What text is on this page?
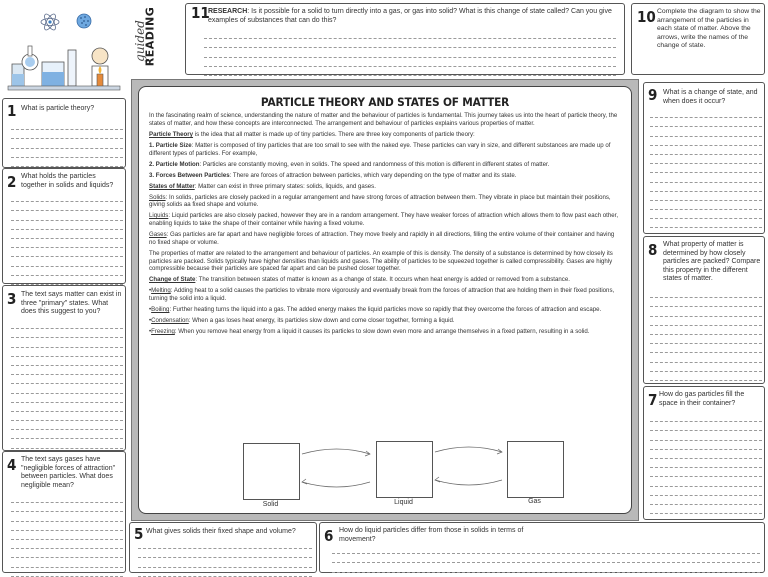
guided
READING 11
RESEARCH: Is it possible for a solid to turn directly into a gas, or gas into solid? What is this change of state called? Can you give examples of substances that can do this?	10 Complete the diagram to show the arrangement of the particles in each state of matter. Above the arrows, write the names of the change of state.
1 What is particle theory?
2 What holds the particles together in solids and liquids?
3 The text says matter can exist in three "primary" states. What does this suggest to you?
4 The text says gases have "negligible forces of attraction" between particles. What does negligible mean?
PARTICLE THEORY AND STATES OF MATTER

In the fascinating realm of science, understanding the nature of matter and the behaviour of particles is fundamental. This journey takes us into the heart of particle theory, the states of matter, and how these concepts are interconnected. The arrangement and behaviour of particles explains various properties of matter.

Particle Theory is the idea that all matter is made up of tiny particles. There are three key components of particle theory:

1. Particle Size: Matter is composed of tiny particles that are too small to see with the naked eye. These particles can vary in size, and different substances are made up of different types of particles. For example,

2. Particle Motion: Particles are constantly moving, even in solids. The speed and randomness of this motion is different in different states of matter.

3. Forces Between Particles: There are forces of attraction between particles, which vary depending on the type of matter and its state.

States of Matter: Matter can exist in three primary states: solids, liquids, and gases.

Solids: In solids, particles are closely packed in a regular arrangement and have strong forces of attraction between them. They vibrate in place but maintain their positions, giving solids aa fixed shape and volume.

Liquids: Liquid particles are also closely packed, however they are in a random arrangement. They have weaker forces of attraction which allows them to flow past each other, enabling liquids to take the shape of their container while having a fixed volume.

Gases: Gas particles are far apart and have negligible forces of attraction. They move freely and rapidly in all directions, filling the entire volume of their container and having no fixed shape or volume.

The properties of matter are related to the arrangement and behaviour of particles. An example of this is density. The density of a substance is determined by how closely its particles are packed. Solids typically have higher densities than liquids and gases. The ability of particles to be squeezed together is called compressibility. Gases are highly compressible because their particles are spaced far apart and can be pushed closer together.

Change of State: The transition between states of matter is known as a change of state. It occurs when heat energy is added or removed from a substance.

•Melting: Adding heat to a solid causes the particles to vibrate more vigorously and eventually break from the forces of attraction that are holding them in their fixed positions, turning the solid into a liquid.

•Boiling: Further heating turns the liquid into a gas. The added energy makes the liquid particles move so rapidly that they overcome the forces of attraction and escape.

•Condensation: When a gas loses heat energy, its particles slow down and come closer together, forming a liquid.

•Freezing: When you remove heat energy from a liquid it causes its particles to slow down even more and arrange themselves in a fixed pattern, resulting in a solid.

Solid	Liquid	Gas
9 What is a change of state, and when does it occur?
8 What property of matter is determined by how closely particles are packed? Compare this property in the different states of matter.
7 How do gas particles fill the space in their container?
5 What gives solids their fixed shape and volume?	6 How do liquid particles differ from those in solids in terms of movement?
